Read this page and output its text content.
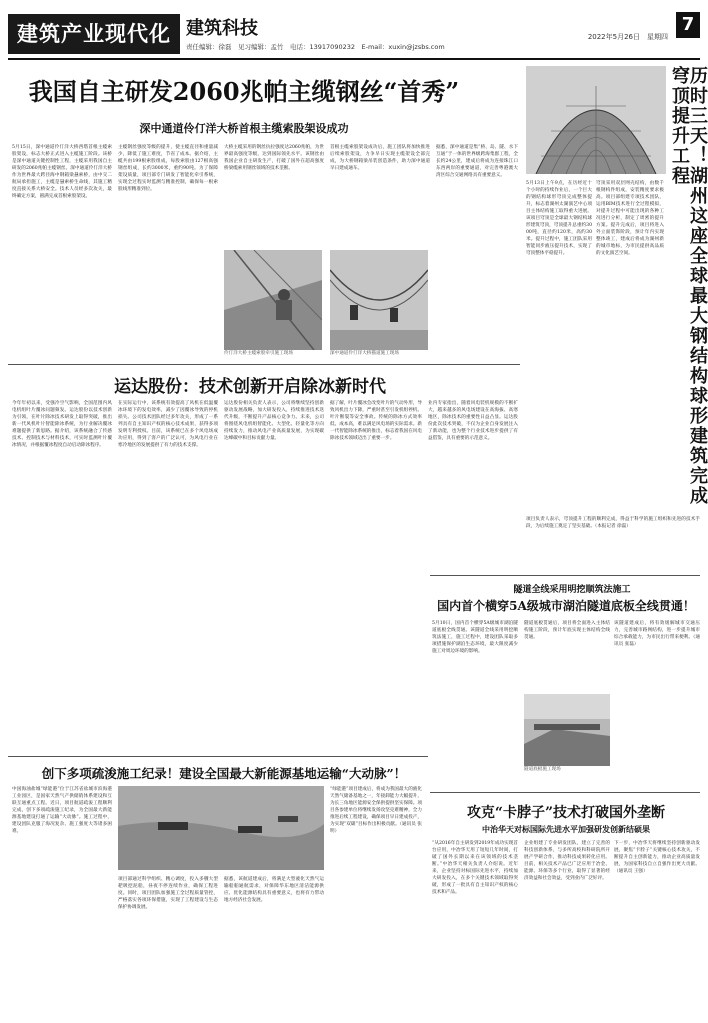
建筑产业现代化 建筑科技
责任编辑：徐磊　见习编辑：孟竹　电话：13917090232　E-mail：xuxin@jzsbs.com
2022年5月26日　星期四
7
我国自主研发2060兆帕主缆钢丝“首秀”
深中通道伶仃洋大桥首根主缆索股架设成功
5月15日，深中通道伶仃洋大桥西塔首根主缆索股架设，标志大桥正式进入主缆施工阶段。该桥是深中通道关键控制性工程，主缆采用我国自主研发的2060兆帕主缆钢丝。深中通道伶仃洋大桥作为世界最大跨径海中钢箱梁悬索桥，由中交二航局承担施工，主缆是悬索桥生命线，其施工精度直接关系大桥安全。技术人员经多次攻关，最终确定方案，圆满完成首根索股架设。
主缆钢丝强度等级的提升，使主缆直径和重量减少，降低了施工难度，节省了成本。据介绍，主缆共由199根索股组成，每股索股由127根高强钢丝组成，长约3000米，重约90吨。为了保障架设质量，项目部专门研发了智能化牵引系统，实现全过程实时监测与精准控制，确保每一根索股线形精准到位。
大桥主缆采用的钢丝抗拉强度达2060兆帕，为世界最高强度等级，达到国际领先水平。该钢丝由我国企业自主研发生产，打破了国外在超高强度桥梁缆索用钢丝领域的技术垄断。
首根主缆索股架设成功后，施工团队将加快推进后续索股架设，力争早日实现主缆架设全部完成，为大桥钢箱梁吊装创造条件，助力深中通道早日建成通车。
据悉，深中通道是集“桥、岛、隧、水下互通”于一体的世界级跨海集群工程，全长约24公里，建成后将成为连接珠江口东西两岸的重要通道，对完善粤港澳大湾区综合交通网络具有重要意义。
伶仃洋大桥主缆索股牵引施工现场	深中通道伶仃洋大桥猫道施工现场	历时三天！湖州这座全球最大钢结构球形建筑完成穹顶提升工程
5月13日上午9点，在历经近十个小时的持续作业后，一个巨大的钢结构球形穹顶完成整体提升，标志着湖州太湖演艺中心项目主体结构施工取得重大进展。该项目穹顶是全球最大钢结构球形建筑穹顶，穹顶提升总重约3000吨，直径约120米，高约30米。提升过程中，施工团队采用智能同步液压提升技术，实现了穹顶整体平稳提升。
穹顶采用双层网壳结构，由数千根钢构件组成，安装精度要求极高。项目部组建专项技术团队，运用BIM技术进行全过程模拟，对提升过程中可能出现的各种工况进行分析，制定了周密的提升方案。提升完成后，项目将进入外立面装饰阶段，预计年内实现整体竣工，建成后将成为湖州新的城市地标，为市民提供高品质的文化演艺空间。
运达股份：技术创新开启除冰新时代
今年年初以来，受强冷空气影响，全国范围内风电机组叶片覆冰问题频发。运达股份以技术创新为引领，在叶片除冰技术研发上取得突破，推出新一代风机叶片智能除冰系统，为行业解决覆冰难题提供了新思路。据介绍，该系统融合了传感技术、控制技术与材料技术，可实时监测叶片覆冰情况，并根据覆冰程度自动启动除冰程序。
在实际运行中，该系统有效提高了风机在低温覆冰环境下的发电效率，减少了因覆冰导致的停机损失。公司技术团队经过多年攻关，形成了一系列具有自主知识产权的核心技术成果，获得多项发明专利授权。目前，该系统已在多个风电场成功应用，得到了客户的广泛认可，为风电行业在寒冷地区的发展提供了有力的技术支撑。
运达股份相关负责人表示，公司将继续坚持创新驱动发展战略，加大研发投入，持续推进技术迭代升级，不断提升产品核心竞争力。未来，公司将围绕风电机组智能化、大型化、轻量化等方向持续发力，推动风电产业高质量发展，为实现碳达峰碳中和目标贡献力量。
据了解，叶片覆冰会改变叶片的气动外形，导致风机出力下降，严重时甚至引发机组停机、叶片断裂等安全事故。传统的除冰方式效率低、成本高，难以满足风电场的实际需求。新一代智能除冰系统的推出，标志着我国在风电除冰技术领域迈出了重要一步。
业内专家指出，随着风电装机规模的不断扩大，越来越多的风电场建设在高海拔、高寒地区，除冰技术的重要性日益凸显。运达股份此次技术突破，不仅为企业自身发展注入了新动能，也为整个行业技术进步提供了有益借鉴，具有重要的示范意义。
项目负责人表示，穹顶提升工程的顺利完成，得益于科学的施工组织和先进的技术手段，为后续施工奠定了坚实基础。（本报记者 徐磊）
隧道全线采用明挖顺筑法施工
国内首个横穿5A级城市湖泊隧道底板全线贯通！
5月10日，国内首个横穿5A级城市湖泊隧道底板全线贯通。该隧道全线采用明挖顺筑法施工，施工过程中，建设团队采取多项措施保护湖泊生态环境，最大限度减少施工对周边环境的影响。
隧道底板贯通后，项目将全面进入主体结构施工阶段，预计年底实现主体结构全线贯通。
该隧道建成后，将有效缓解城市交通压力，完善城市路网结构，进一步提升城市综合承载能力，为市民出行带来便利。（通讯员 张磊）
隧道底板施工现场
创下多项疏浚施工纪录！建设全国最大新能源基地运输“大动脉”！
中国海油盐城“绿能港”位于江苏省盐城市滨海港工业园区，是国家天然气产供储销体系建设和互联互通重点工程。近日，项目航道疏浚工程顺利完成，创下多项疏浚施工纪录，为全国最大新能源基地建设打通了运输“大动脉”。施工过程中，建设团队克服了海况复杂、施工强度大等诸多困难。
项目部通过科学组织、精心调度，投入多艘大型耙吸挖泥船，昼夜不停连续作业，确保工程进度。同时，项目团队加强施工全过程质量管控，严格落实各项环保措施，实现了工程建设与生态保护协调发展。
据悉，该航道建成后，将满足大型液化天然气运输船舶通航需求，对保障华东地区清洁能源供应、优化能源结构具有重要意义，也将有力带动地方经济社会发展。
“绿能港”项目建成后，将成为我国最大的液化天然气储备基地之一，年接卸能力大幅提升，为长三角地区能源安全保供提供坚实保障。项目各参建单位将继续发扬攻坚克难精神，全力推进后续工程建设，确保项目早日建成投产，为实现“双碳”目标作出积极贡献。（通讯员 张明）
攻克“卡脖子”技术打破国外垄断
中治华天对标国际先进水平加强研发创新结硕果
“从2016年自主研发到2019年成功实现首台应用，中冶华天用了短短几年时间，打破了国外长期以来在该领域的技术垄断。”中冶华天相关负责人介绍说。近年来，企业坚持对标国际先进水平，持续加大研发投入，在多个关键技术领域取得突破，形成了一批具有自主知识产权的核心技术和产品。
企业组建了专业研发团队，建立了完善的科技创新体系，与多所高校和科研院所开展产学研合作，推动科技成果转化应用。目前，相关技术产品已广泛应用于冶金、能源、环保等多个行业，取得了显著的经济效益和社会效益，受到业内广泛好评。
下一步，中冶华天将继续坚持创新驱动发展，聚焦“卡脖子”关键核心技术攻关，不断提升自主创新能力，推动企业高质量发展，为国家科技自立自强作出更大贡献。（通讯员 王强）
